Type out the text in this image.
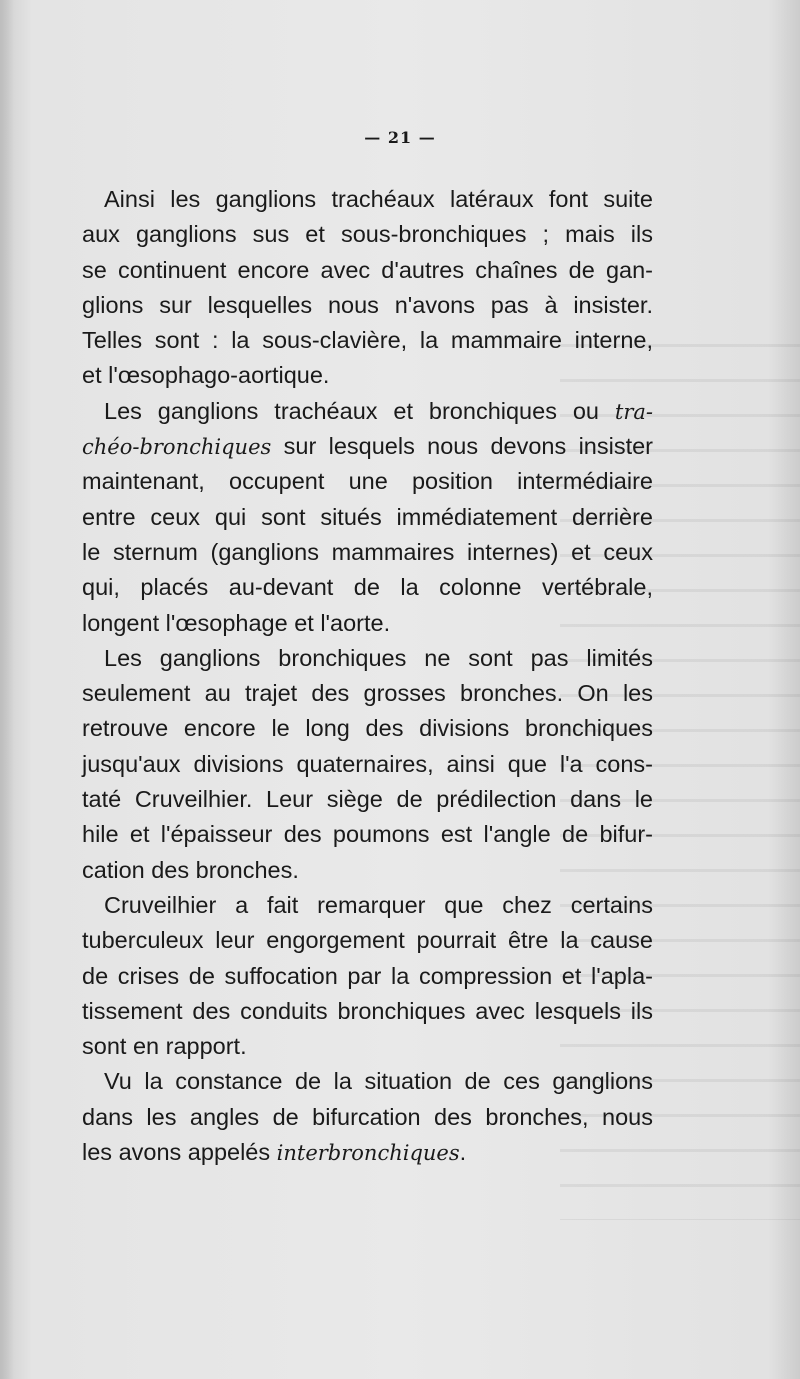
— 21 —
Ainsi les ganglions trachéaux latéraux font suite
aux ganglions sus et sous-bronchiques ; mais ils
se continuent encore avec d'autres chaînes de gan-
glions sur lesquelles nous n'avons pas à insister.
Telles sont : la sous-clavière, la mammaire interne,
et l'œsophago-aortique.
Les ganglions trachéaux et bronchiques ou tra-
chéo-bronchiques sur lesquels nous devons insister
maintenant, occupent une position intermédiaire
entre ceux qui sont situés immédiatement derrière
le sternum (ganglions mammaires internes) et ceux
qui, placés au-devant de la colonne vertébrale,
longent l'œsophage et l'aorte.
Les ganglions bronchiques ne sont pas limités
seulement au trajet des grosses bronches. On les
retrouve encore le long des divisions bronchiques
jusqu'aux divisions quaternaires, ainsi que l'a cons-
taté Cruveilhier. Leur siège de prédilection dans le
hile et l'épaisseur des poumons est l'angle de bifur-
cation des bronches.
Cruveilhier a fait remarquer que chez certains
tuberculeux leur engorgement pourrait être la cause
de crises de suffocation par la compression et l'apla-
tissement des conduits bronchiques avec lesquels ils
sont en rapport.
Vu la constance de la situation de ces ganglions
dans les angles de bifurcation des bronches, nous
les avons appelés interbronchiques.
